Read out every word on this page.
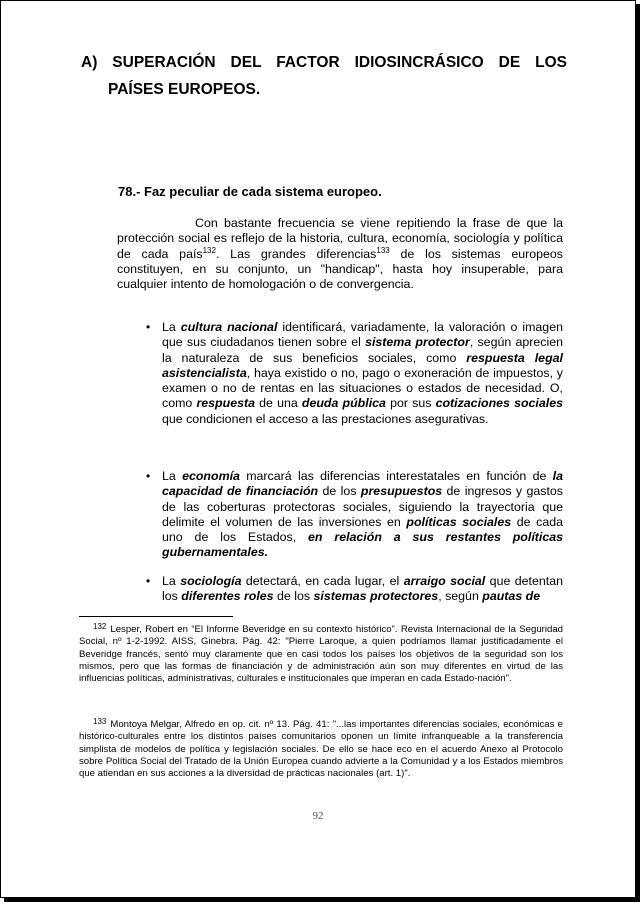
A) SUPERACIÓN DEL FACTOR IDIOSINCRÁSICO DE LOS
PAÍSES EUROPEOS.
78.- Faz peculiar de cada sistema europeo.
Con bastante frecuencia se viene repitiendo la frase de que la protección social es reflejo de la historia, cultura, economía, sociología y política de cada país$^{132}$. Las grandes diferencias$^{133}$ de los sistemas europeos constituyen, en su conjunto, un "handicap", hasta hoy insuperable, para cualquier intento de homologación o de convergencia.
• La cultura nacional identificará, variadamente, la valoración o imagen que sus ciudadanos tienen sobre el sistema protector, según aprecien la naturaleza de sus beneficios sociales, como respuesta legal asistencialista, haya existido o no, pago o exoneración de impuestos, y examen o no de rentas en las situaciones o estados de necesidad. O, como respuesta de una deuda pública por sus cotizaciones sociales que condicionen el acceso a las prestaciones asegurativas.
• La economía marcará las diferencias interestatales en función de la capacidad de financiación de los presupuestos de ingresos y gastos de las coberturas protectoras sociales, siguiendo la trayectoria que delimite el volumen de las inversiones en políticas sociales de cada uno de los Estados, en relación a sus restantes políticas gubernamentales.
• La sociología detectará, en cada lugar, el arraigo social que detentan los diferentes roles de los sistemas protectores, según pautas de
$^{132}$ Lesper, Robert en “El Informe Beveridge en su contexto histórico”. Revista Internacional de la Seguridad Social, nº 1-2-1992. AISS, Ginebra. Pág. 42: "Pierre Laroque, a quien podríamos llamar justificadamente el Beveridge francés, sentó muy claramente que en casi todos los países los objetivos de la seguridad son los mismos, pero que las formas de financiación y de administración aún son muy diferentes en virtud de las influencias políticas, administrativas, culturales e institucionales que imperan en cada Estado-nación".
$^{133}$ Montoya Melgar, Alfredo en op. cit. nº 13. Pág. 41: "...las importantes diferencias sociales, económicas e histórico-culturales entre los distintos países comunitarios oponen un límite infranqueable a la transferencia simplista de modelos de política y legislación sociales. De ello se hace eco en el acuerdo Anexo al Protocolo sobre Política Social del Tratado de la Unión Europea cuando advierte a la Comunidad y a los Estados miembros que atiendan en sus acciones a la diversidad de prácticas nacionales (art. 1)".
92
